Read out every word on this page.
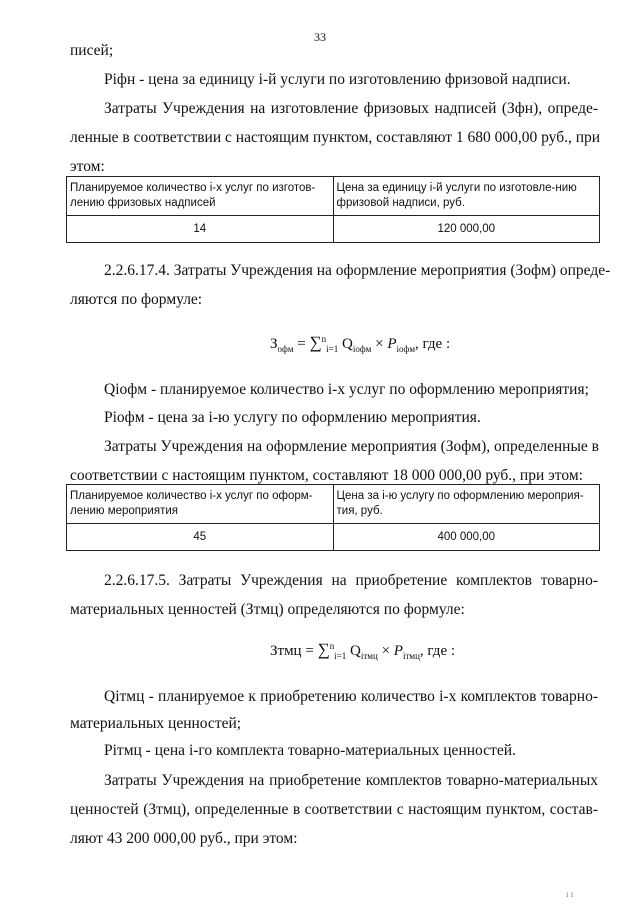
33
писей;
Piфн - цена за единицу i-й услуги по изготовлению фризовой надписи.
Затраты Учреждения на изготовление фризовых надписей (Зфн), опреде-
ленные в соответствии с настоящим пунктом, составляют 1 680 000,00 руб., при
этом:
Планируемое количество i-х услуг по изготов-лению фризовых надписей	Цена за единицу i-й услуги по изготовле-нию фризовой надписи, руб.
14	120 000,00
2.2.6.17.4. Затраты Учреждения на оформление мероприятия (Зофм) опреде-
ляются по формуле:
$З_{офм} = \sum^n_{i=1}$ $Q_{iофм} \times P_{iофм}$, где :
Qiофм - планируемое количество i-х услуг по оформлению мероприятия;
Piофм - цена за i-ю услугу по оформлению мероприятия.
Затраты Учреждения на оформление мероприятия (Зофм), определенные в
соответствии с настоящим пунктом, составляют 18 000 000,00 руб., при этом:
Планируемое количество i-х услуг по оформ-лению мероприятия	Цена за i-ю услугу по оформлению мероприя-тия, руб.
45	400 000,00
2.2.6.17.5. Затраты Учреждения на приобретение комплектов товарно-
материальных ценностей (Зтмц) определяются по формуле:
Зтмц = ∑$^n_{i=1}$ $Q_{iтмц} \times P_{iтмц}$, где :
Qiтмц - планируемое к приобретению количество i-х комплектов товарно-
материальных ценностей;
Piтмц - цена i-го комплекта товарно-материальных ценностей.
Затраты Учреждения на приобретение комплектов товарно-материальных
ценностей (Зтмц), определенные в соответствии с настоящим пунктом, состав-
ляют 43 200 000,00 руб., при этом:
ı ı
